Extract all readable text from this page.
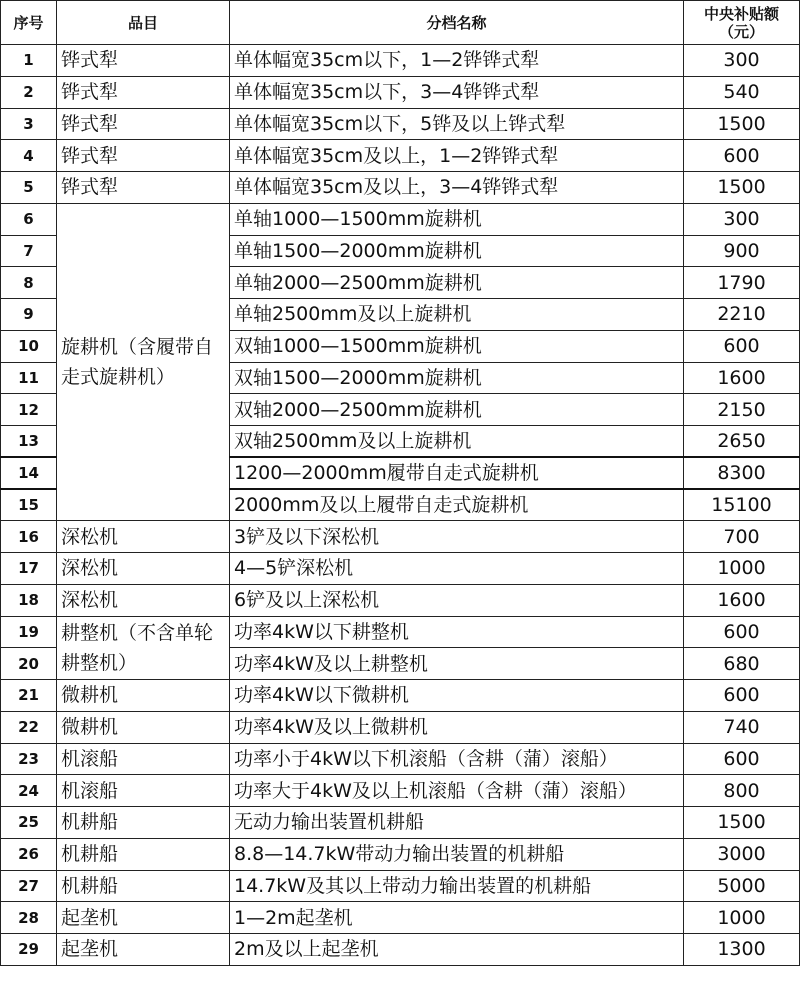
序号	品目	分档名称	中央补贴额（元）
1	铧式犁	单体幅宽35cm以下，1—2铧铧式犁	300
2	铧式犁	单体幅宽35cm以下，3—4铧铧式犁	540
3	铧式犁	单体幅宽35cm以下，5铧及以上铧式犁	1500
4	铧式犁	单体幅宽35cm及以上，1—2铧铧式犁	600
5	铧式犁	单体幅宽35cm及以上，3—4铧铧式犁	1500
6	旋耕机（含履带自走式旋耕机）	单轴1000—1500mm旋耕机	300
7		单轴1500—2000mm旋耕机	900
8		单轴2000—2500mm旋耕机	1790
9		单轴2500mm及以上旋耕机	2210
10		双轴1000—1500mm旋耕机	600
11		双轴1500—2000mm旋耕机	1600
12		双轴2000—2500mm旋耕机	2150
13		双轴2500mm及以上旋耕机	2650
14		1200—2000mm履带自走式旋耕机	8300
15		2000mm及以上履带自走式旋耕机	15100
16	深松机	3铲及以下深松机	700
17	深松机	4—5铲深松机	1000
18	深松机	6铲及以上深松机	1600
19	耕整机（不含单轮耕整机）	功率4kW以下耕整机	600
20		功率4kW及以上耕整机	680
21	微耕机	功率4kW以下微耕机	600
22	微耕机	功率4kW及以上微耕机	740
23	机滚船	功率小于4kW以下机滚船（含耕（蒲）滚船）	600
24	机滚船	功率大于4kW及以上机滚船（含耕（蒲）滚船）	800
25	机耕船	无动力输出装置机耕船	1500
26	机耕船	8.8—14.7kW带动力输出装置的机耕船	3000
27	机耕船	14.7kW及其以上带动力输出装置的机耕船	5000
28	起垄机	1—2m起垄机	1000
29	起垄机	2m及以上起垄机	1300
